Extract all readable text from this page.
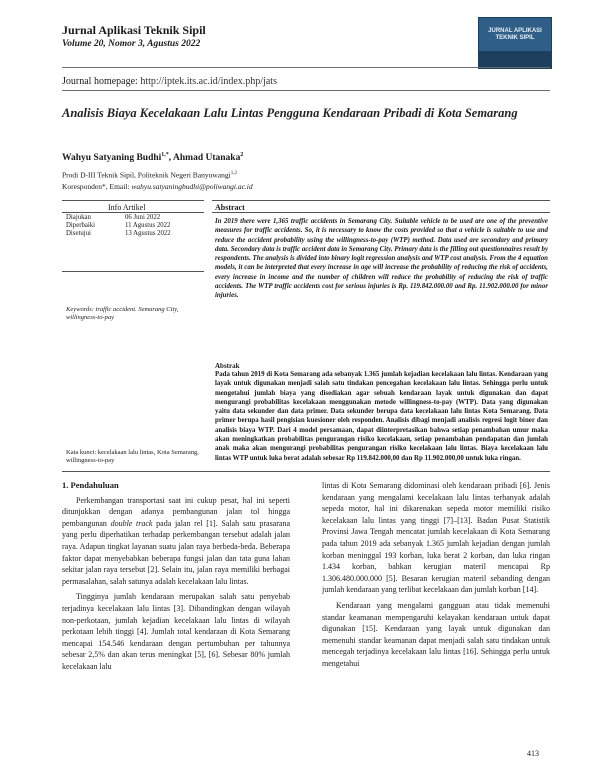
Jurnal Aplikasi Teknik Sipil
Volume 20, Nomor 3, Agustus 2022
JURNAL APLIKASI TEKNIK SIPIL
Journal homepage: http://iptek.its.ac.id/index.php/jats
Analisis Biaya Kecelakaan Lalu Lintas Pengguna Kendaraan Pribadi di Kota Semarang
Wahyu Satyaning Budhi$^{1,*}$, Ahmad Utanaka$^2$
Prodi D-III Teknik Sipil, Politeknik Negeri Banyuwangi$^{1,2}$
Koresponden*, Email: wahyu.satyaningbudhi@poliwangi.ac.id
Info Artikel	Abstract
Diajukan	06 Juni 2022
Diperbaiki	11 Agustus 2022
Disetujui	13 Agustus 2022
Keywords: traffic accident. Semarang City, willingness-to-pay
Kata kunci: kecelakaan lalu lintas, Kota Semarang, willingness-to-pay
In 2019 there were 1,365 traffic accidents in Semarang City. Suitable vehicle to be used are one of the preventive measures for traffic accidents. So, it is necessary to know the costs provided so that a vehicle is suitable to use and reduce the accident probability using the willingness-to-pay (WTP) method. Data used are secondary and primary data. Secondary data is traffic accident data in Semarang City. Primary data is the filling out questionnaires result by respondents. The analysis is divided into binary logit regression analysis and WTP cost analysis. From the 4 equation models, it can be interpreted that every increase in age will increase the probability of reducing the risk of accidents, every increase in income and the number of children will reduce the probability of reducing the risk of traffic accidents. The WTP traffic accidents cost for serious injuries is Rp. 119.842.000.00 and Rp. 11.902.000.00 for minor injuries.
Abstrak
Pada tahun 2019 di Kota Semarang ada sebanyak 1.365 jumlah kejadian kecelakaan lalu lintas. Kendaraan yang layak untuk digunakan menjadi salah satu tindakan pencegahan kecelakaan lalu lintas. Sehingga perlu untuk mengetahui jumlah biaya yang disediakan agar sebuah kendaraan layak untuk digunakan dan dapat mengurangi probabilitas kecelakaan menggunakan metode willingness-to-pay (WTP). Data yang digunakan yaitu data sekunder dan data primer. Data sekunder berupa data kecelakaan lalu lintas Kota Semarang. Data primer berupa hasil pengisian kuesioner oleh responden. Analisis dibagi menjadi analisis regresi logit biner dan analisis biaya WTP. Dari 4 model persamaan, dapat diinterpretasikan bahwa setiap penambahan umur maka akan meningkatkan probabilitas pengurangan risiko kecelakaan, setiap penambahan pendapatan dan jumlah anak maka akan mengurangi probabilitas pengurangan risiko kecelakaan lalu lintas. Biaya kecelakaan lalu lintas WTP untuk luka berat adalah sebesar Rp 119.842.000,00 dan Rp 11.902.000,00 untuk luka ringan.

1. Pendahuluan

Perkembangan transportasi saat ini cukup pesat, hal ini seperti ditunjukkan dengan adanya pembangunan jalan tol hingga pembangunan double track pada jalan rel [1]. Salah satu prasarana yang perlu diperhatikan terhadap perkembangan tersebut adalah jalan raya. Adapun tingkat layanan suatu jalan raya berbeda-beda. Beberapa faktor dapat menyebabkan beberapa fungsi jalan dan tata guna lahan sekitar jalan raya tersebut [2]. Selain itu, jalan raya memiliki berbagai permasalahan, salah satunya adalah kecelakaan lalu lintas.

Tingginya jumlah kendaraan merupakan salah satu penyebab terjadinya kecelakaan lalu lintas [3]. Dibandingkan dengan wilayah non-perkotaan, jumlah kejadian kecelakaan lalu lintas di wilayah perkotaan lebih tinggi [4]. Jumlah total kendaraan di Kota Semarang mencapai 154.546 kendaraan dengan pertumbuhan per tahunnya sebesar 2,5% dan akan terus meningkat [5], [6]. Sebesar 80% jumlah kecelakaan lalu

lintas di Kota Semarang didominasi oleh kendaraan pribadi [6]. Jenis kendaraan yang mengalami kecelakaan lalu lintas terbanyak adalah sepeda motor, hal ini dikarenakan sepeda motor memiliki risiko kecelakaan lalu lintas yang tinggi [7]–[13]. Badan Pusat Statistik Provinsi Jawa Tengah mencatat jumlah kecelakaan di Kota Semarang pada tahun 2019 ada sebanyak 1.365 jumlah kejadian dengan jumlah korban meninggal 193 korban, luka berat 2 korban, dan luka ringan 1.434 korban, bahkan kerugian materil mencapai Rp 1.306.480.000.000 [5]. Besaran kerugian materil sebanding dengan jumlah kendaraan yang terlibat kecelakaan dan jumlah korban [14].

Kendaraan yang mengalami gangguan atau tidak memenuhi standar keamanan mempengaruhi kelayakan kendaraan untuk dapat digunakan [15]. Kendaraan yang layak untuk digunakan dan memenuhi standar keamanan dapat menjadi salah satu tindakan untuk mencegah terjadinya kecelakaan lalu lintas [16]. Sehingga perlu untuk mengetahui

413
